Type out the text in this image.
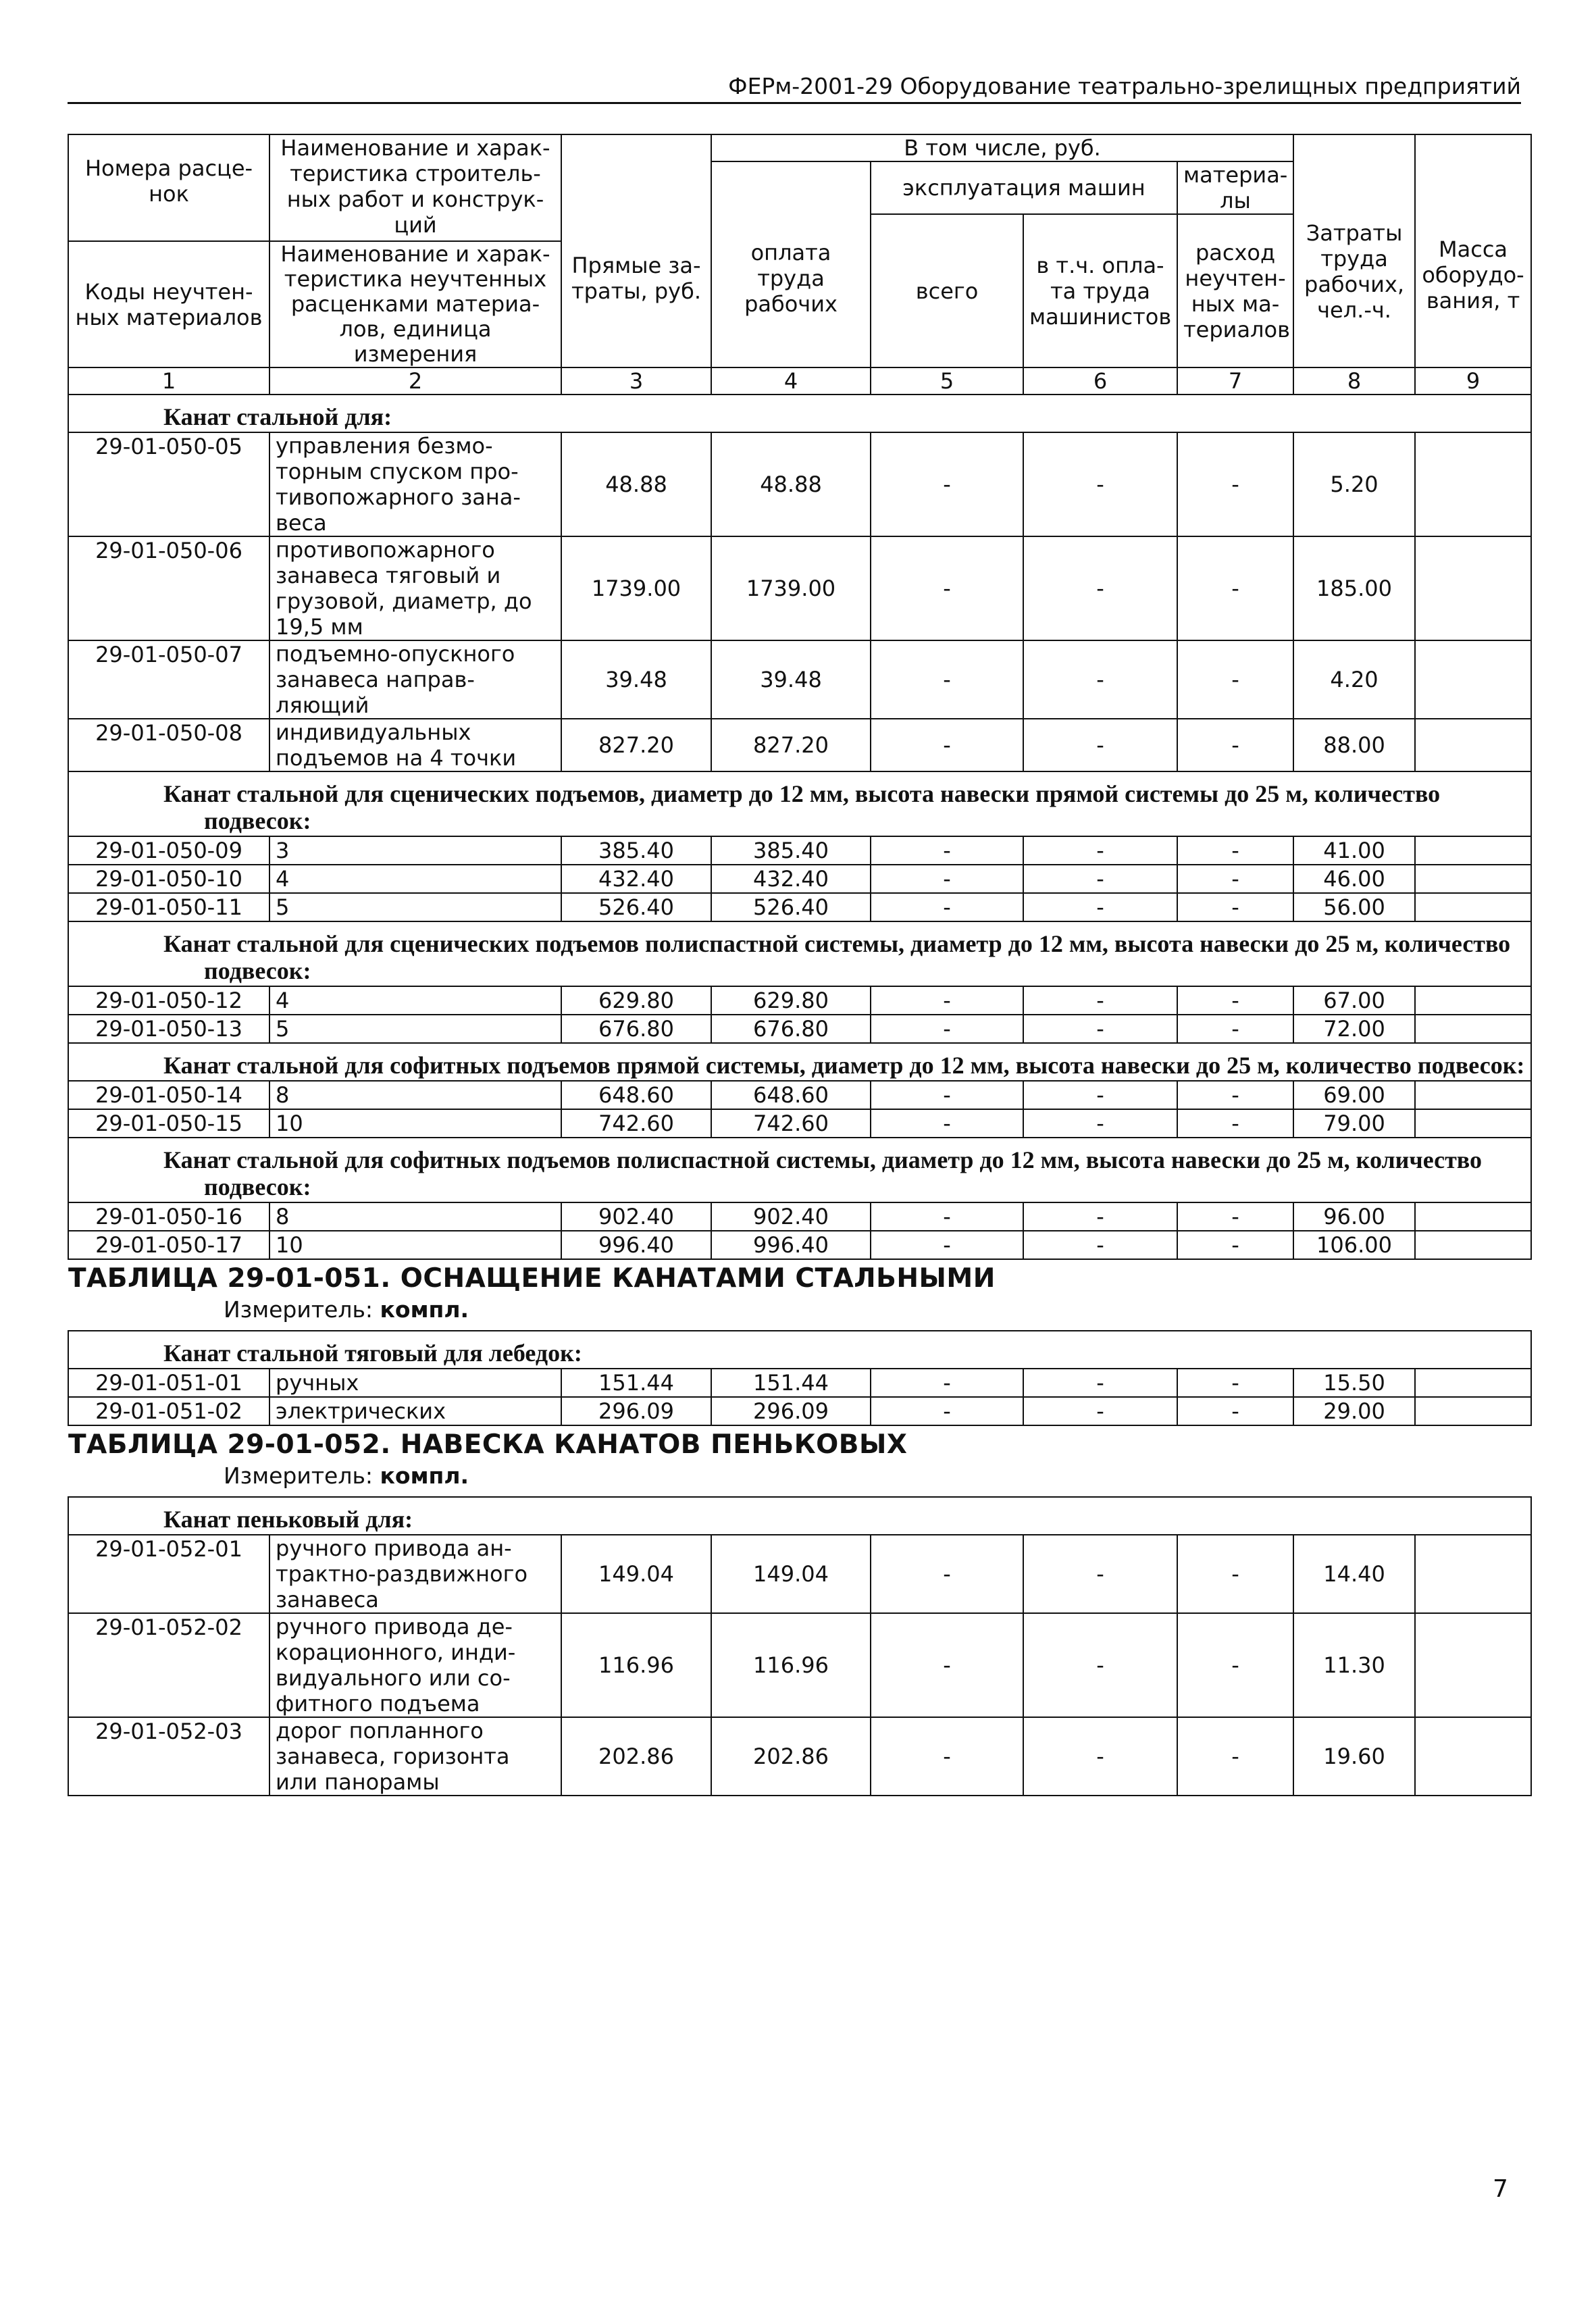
ФЕРм-2001-29 Оборудование театрально-зрелищных предприятий
Номера расце-нок	Наименование и харак-теристика строитель-ных работ и конструк-ций	Прямые за-траты, руб.	В том числе, руб.				Затраты труда рабочих, чел.-ч.	Масса оборудо-вания, т
			оплата труда рабочих	эксплуатация машин		материа-лы		
				всего	в т.ч. опла-та труда машинистов	расход неучтен-ных ма-териалов		
Коды неучтен-ных материалов	Наименование и харак-теристика неучтенных расценками материа-лов, единица измерения							

1	2	3	4	5	6	7	8	9
Канат стальной для:								
29-01-050-05	управления безмо-торным спуском про-тивопожарного зана-веса	48.88	48.88	-	-	-	5.20	
29-01-050-06	противопожарного занавеса тяговый и грузовой, диаметр, до 19,5 мм	1739.00	1739.00	-	-	-	185.00	
29-01-050-07	подъемно-опускного занавеса направ-ляющий	39.48	39.48	-	-	-	4.20	
29-01-050-08	индивидуальных подъемов на 4 точки	827.20	827.20	-	-	-	88.00	
Канат стальной для сценических подъемов, диаметр до 12 мм, высота навески прямой системы до 25 м, количество подвесок:								
29-01-050-09	3	385.40	385.40	-	-	-	41.00	
29-01-050-10	4	432.40	432.40	-	-	-	46.00	
29-01-050-11	5	526.40	526.40	-	-	-	56.00	
Канат стальной для сценических подъемов полиспастной системы, диаметр до 12 мм, высота навески до 25 м, количество подвесок:								
29-01-050-12	4	629.80	629.80	-	-	-	67.00	
29-01-050-13	5	676.80	676.80	-	-	-	72.00	
Канат стальной для софитных подъемов прямой системы, диаметр до 12 мм, высота навески до 25 м, количество подвесок:								
29-01-050-14	8	648.60	648.60	-	-	-	69.00	
29-01-050-15	10	742.60	742.60	-	-	-	79.00	
Канат стальной для софитных подъемов полиспастной системы, диаметр до 12 мм, высота навески до 25 м, количество подвесок:								
29-01-050-16	8	902.40	902.40	-	-	-	96.00	
29-01-050-17	10	996.40	996.40	-	-	-	106.00	
ТАБЛИЦА 29-01-051. ОСНАЩЕНИЕ КАНАТАМИ СТАЛЬНЫМИ								
Измеритель: компл.								
Канат стальной тяговый для лебедок:								
29-01-051-01	ручных	151.44	151.44	-	-	-	15.50	
29-01-051-02	электрических	296.09	296.09	-	-	-	29.00	
ТАБЛИЦА 29-01-052. НАВЕСКА КАНАТОВ ПЕНЬКОВЫХ								
Измеритель: компл.								
Канат пеньковый для:								
29-01-052-01	ручного привода ан-трактно-раздвижного занавеса	149.04	149.04	-	-	-	14.40	
29-01-052-02	ручного привода де-корационного, инди-видуального или со-фитного подъема	116.96	116.96	-	-	-	11.30	
29-01-052-03	дорог попланного занавеса, горизонта или панорамы	202.86	202.86	-	-	-	19.60	
7
